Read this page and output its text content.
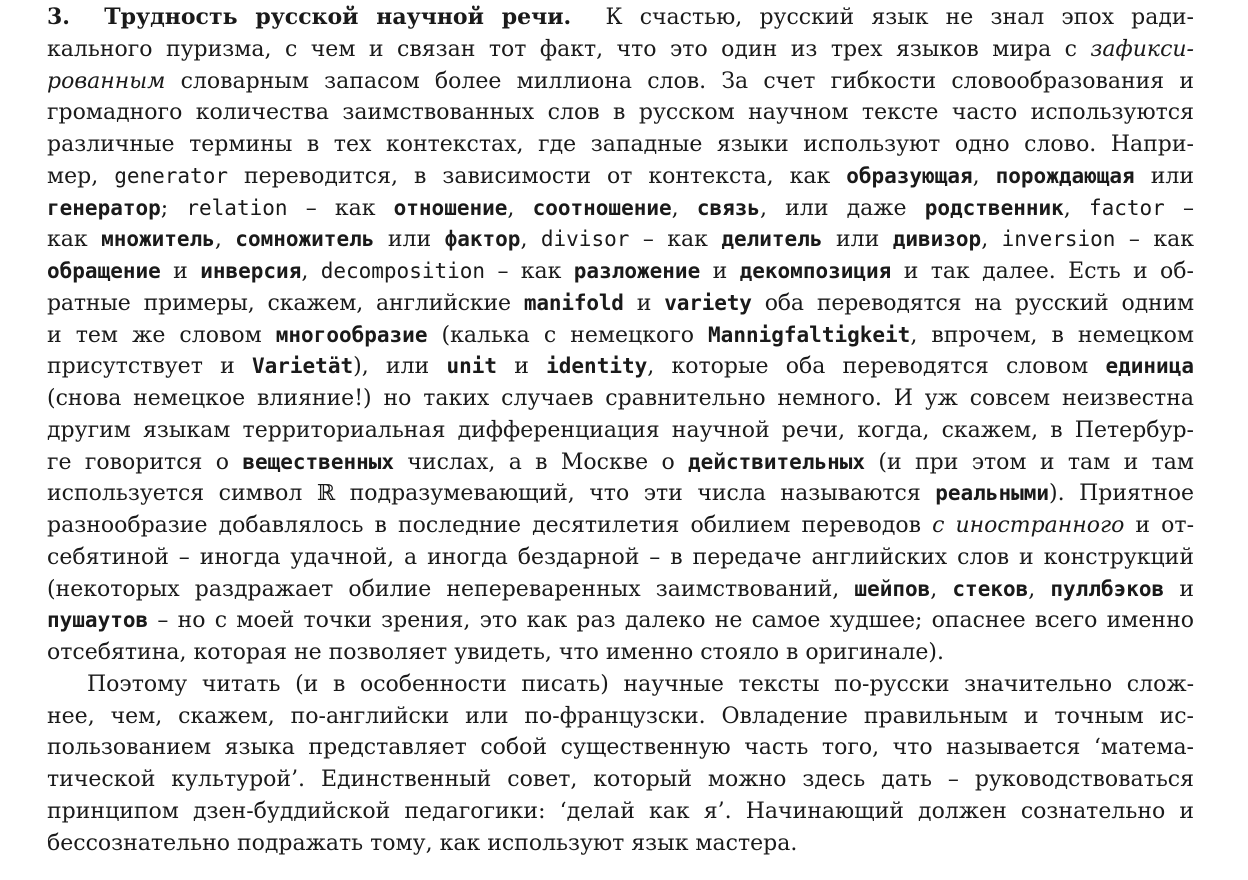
3. Трудность русской научной речи. К счастью, русский язык не знал эпох ради-
кального пуризма, с чем и связан тот факт, что это один из трех языков мира с зафикси-
рованным словарным запасом более миллиона слов. За счет гибкости словообразования и
громадного количества заимствованных слов в русском научном тексте часто используются
различные термины в тех контекстах, где западные языки используют одно слово. Напри-
мер, generator переводится, в зависимости от контекста, как образующая, порождающая или
генератор; relation – как отношение, соотношение, связь, или даже родственник, factor –
как множитель, сомножитель или фактор, divisor – как делитель или дивизор, inversion – как
обращение и инверсия, decomposition – как разложение и декомпозиция и так далее. Есть и об-
ратные примеры, скажем, английские manifold и variety оба переводятся на русский одним
и тем же словом многообразие (калька с немецкого Mannigfaltigkeit, впрочем, в немецком
присутствует и Varietät), или unit и identity, которые оба переводятся словом единица
(снова немецкое влияние!) но таких случаев сравнительно немного. И уж совсем неизвестна
другим языкам территориальная дифференциация научной речи, когда, скажем, в Петербур-
ге говорится о вещественных числах, а в Москве о действительных (и при этом и там и там
используется символ ℝ подразумевающий, что эти числа называются реальными). Приятное
разнообразие добавлялось в последние десятилетия обилием переводов с иностранного и от-
себятиной – иногда удачной, а иногда бездарной – в передаче английских слов и конструкций
(некоторых раздражает обилие непереваренных заимствований, шейпов, стеков, пуллбэков и
пушаутов – но с моей точки зрения, это как раз далеко не самое худшее; опаснее всего именно
отсебятина, которая не позволяет увидеть, что именно стояло в оригинале).
Поэтому читать (и в особенности писать) научные тексты по-русски значительно слож-
нее, чем, скажем, по-английски или по-французски. Овладение правильным и точным ис-
пользованием языка представляет собой существенную часть того, что называется ‘матема-
тической культурой’. Единственный совет, который можно здесь дать – руководствоваться
принципом дзен-буддийской педагогики: ‘делай как я’. Начинающий должен сознательно и
бессознательно подражать тому, как используют язык мастера.
